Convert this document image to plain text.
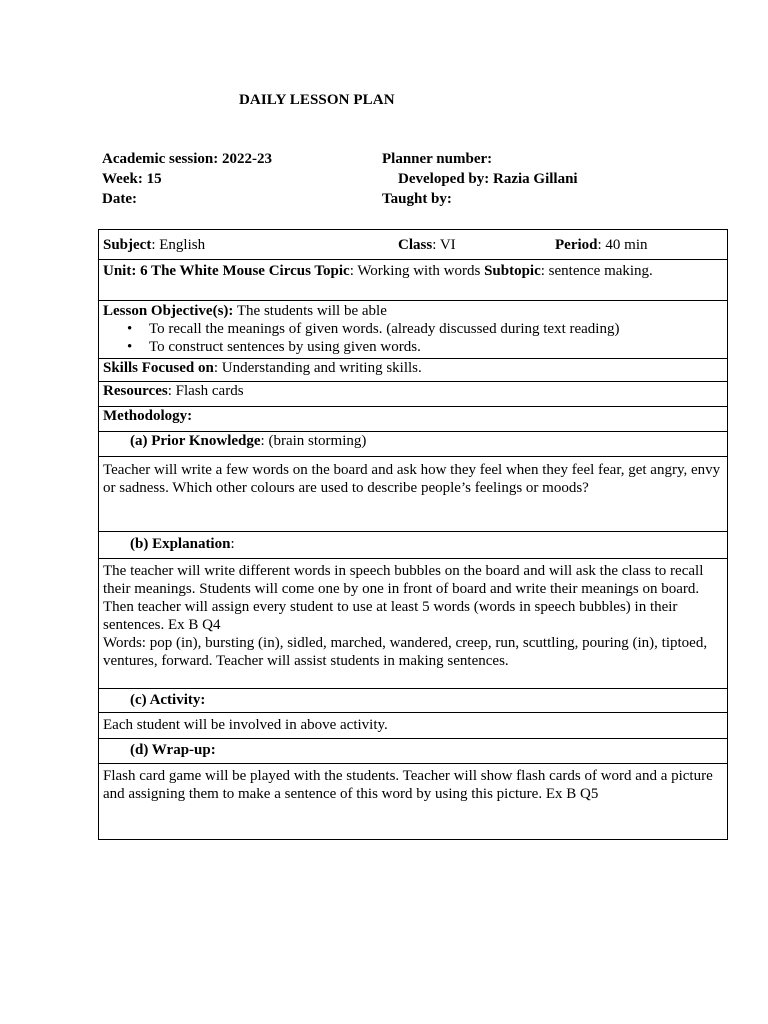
DAILY LESSON PLAN
Academic session: 2022-23
Week: 15
Date:
Planner number:
Developed by: Razia Gillani
Taught by:
Subject: English	Class: VI	Period: 40 min

Unit: 6 The White Mouse Circus Topic: Working with words Subtopic: sentence making.
Lesson Objective(s): The students will be able
• To recall the meanings of given words. (already discussed during text reading)
• To construct sentences by using given words.

Skills Focused on: Understanding and writing skills.
Resources: Flash cards
Methodology:
(a) Prior Knowledge: (brain storming)
Teacher will write a few words on the board and ask how they feel when they feel fear, get angry, envy or sadness. Which other colours are used to describe people’s feelings or moods?
(b) Explanation:

The teacher will write different words in speech bubbles on the board and will ask the class to recall their meanings. Students will come one by one in front of board and write their meanings on board.
Then teacher will assign every student to use at least 5 words (words in speech bubbles) in their sentences. Ex B Q4
Words: pop (in), bursting (in), sidled, marched, wandered, creep, run, scuttling, pouring (in), tiptoed, ventures, forward. Teacher will assist students in making sentences.

(c) Activity:
Each student will be involved in above activity.
(d) Wrap-up:
Flash card game will be played with the students. Teacher will show flash cards of word and a picture and assigning them to make a sentence of this word by using this picture. Ex B Q5
